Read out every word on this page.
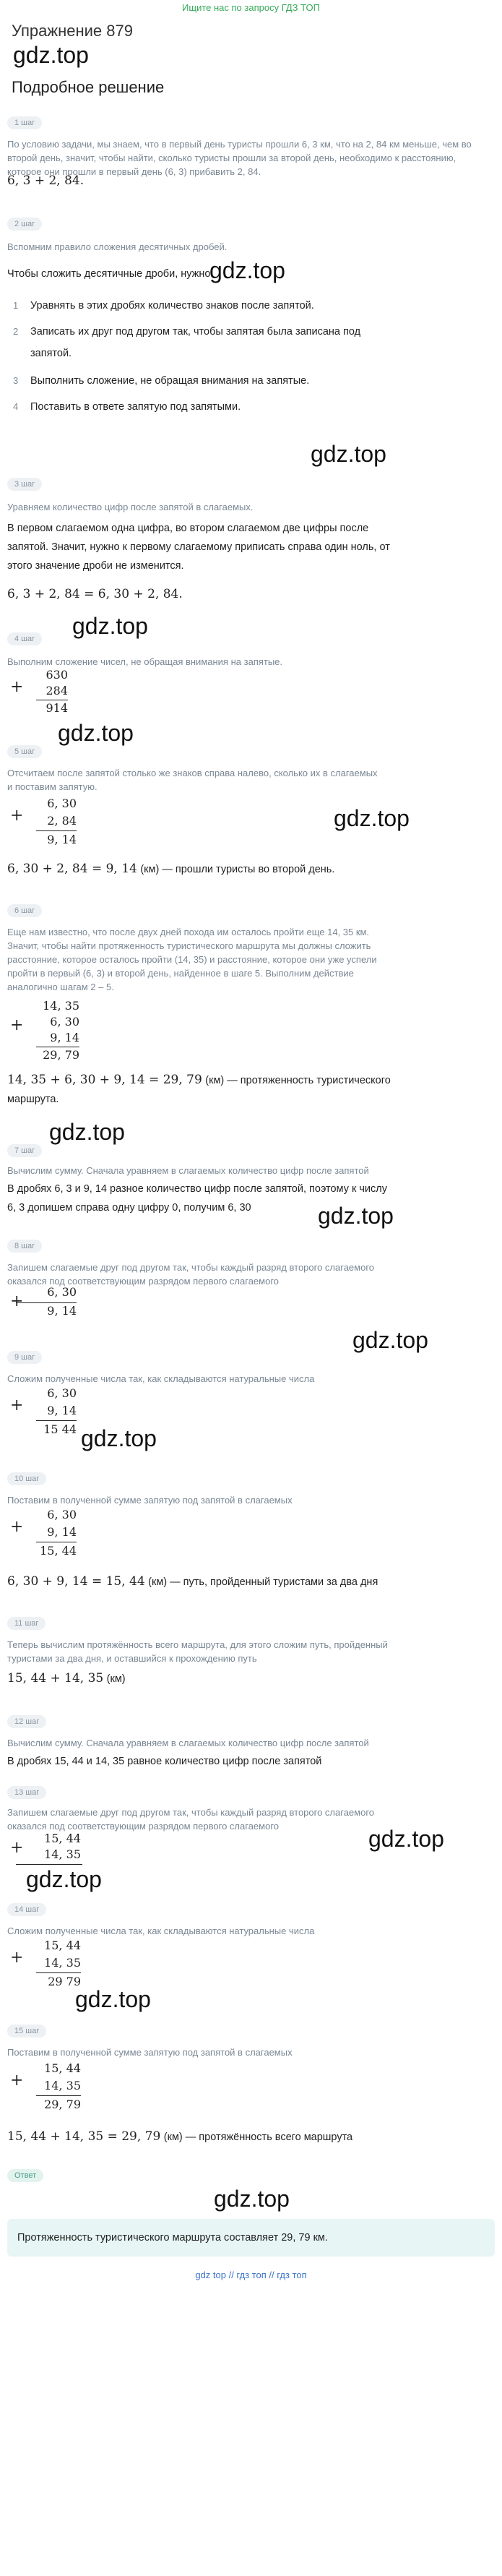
Ищите нас по запросу ГДЗ ТОП
Упражнение 879
gdz.top
Подробное решение
1 шаг
По условию задачи, мы знаем, что в первый день туристы прошли 6, 3 км, что на 2, 84 км меньше, чем во второй день, значит, чтобы найти, сколько туристы прошли за второй день, необходимо к расстоянию, которое они прошли в первый день (6, 3) прибавить 2, 84.
6, 3 + 2, 84.
2 шаг
Вспомним правило сложения десятичных дробей.
Чтобы сложить десятичные дроби, нужно:
gdz.top
1 Уравнять в этих дробях количество знаков после запятой.
2 Записать их друг под другом так, чтобы запятая была записана под
запятой.
3 Выполнить сложение, не обращая внимания на запятые.
4 Поставить в ответе запятую под запятыми.
gdz.top
3 шаг
Уравняем количество цифр после запятой в слагаемых.
В первом слагаемом одна цифра, во втором слагаемом две цифры после
запятой. Значит, нужно к первому слагаемому приписать справа один ноль, от
этого значение дроби не изменится.
6, 3 + 2, 84 = 6, 30 + 2, 84.
gdz.top
4 шаг
Выполним сложение чисел, не обращая внимания на запятые.
+
630
284
914
gdz.top
5 шаг
Отсчитаем после запятой столько же знаков справа налево, сколько их в слагаемых
и поставим запятую.
gdz.top
+
6, 30
2, 84
9, 14
6, 30 + 2, 84 = 9, 14 (км) — прошли туристы во второй день.
6 шаг
Еще нам известно, что после двух дней похода им осталось пройти еще 14, 35 км.
Значит, чтобы найти протяженность туристического маршрута мы должны сложить
расстояние, которое осталось пройти (14, 35) и расстояние, которое они уже успели
пройти в первый (6, 3) и второй день, найденное в шаге 5. Выполним действие
аналогично шагам 2 – 5.
+
14, 35
6, 30
9, 14
29, 79
14, 35 + 6, 30 + 9, 14 = 29, 79 (км) — протяженность туристического
маршрута.
gdz.top
7 шаг
Вычислим сумму. Сначала уравняем в слагаемых количество цифр после запятой
В дробях 6, 3 и 9, 14 разное количество цифр после запятой, поэтому к числу
6, 3 допишем справа одну цифру 0, получим 6, 30	gdz.top
8 шаг
Запишем слагаемые друг под другом так, чтобы каждый разряд второго слагаемого
оказался под соответствующим разрядом первого слагаемого
+
6, 30
9, 14
gdz.top
9 шаг
Сложим полученные числа так, как складываются натуральные числа
+
6, 30
9, 14
15 44 gdz.top
10 шаг
Поставим в полученной сумме запятую под запятой в слагаемых
+
6, 30
9, 14
15, 44
6, 30 + 9, 14 = 15, 44 (км) — путь, пройденный туристами за два дня
11 шаг
Теперь вычислим протяжённость всего маршрута, для этого сложим путь, пройденный
туристами за два дня, и оставшийся к прохождению путь
15, 44 + 14, 35 (км)
12 шаг
Вычислим сумму. Сначала уравняем в слагаемых количество цифр после запятой
В дробях 15, 44 и 14, 35 равное количество цифр после запятой
13 шаг
Запишем слагаемые друг под другом так, чтобы каждый разряд второго слагаемого
оказался под соответствующим разрядом первого слагаемого	gdz.top
+
15, 44
14, 35
gdz.top
14 шаг
Сложим полученные числа так, как складываются натуральные числа
+
15, 44
14, 35
29 79
gdz.top
15 шаг
Поставим в полученной сумме запятую под запятой в слагаемых
+
15, 44
14, 35
29, 79
15, 44 + 14, 35 = 29, 79 (км) — протяжённость всего маршрута
Ответ
gdz.top
Протяженность туристического маршрута составляет 29, 79 км.
gdz top // гдз топ // гдз топ
